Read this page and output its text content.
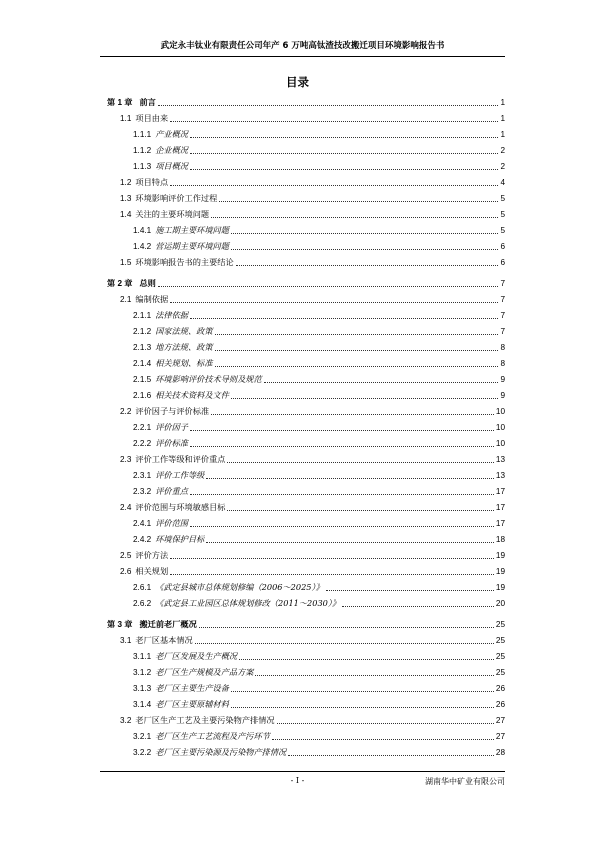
武定永丰钛业有限责任公司年产 6 万吨高钛渣技改搬迁项目环境影响报告书
目录
第 1 章 前言	1
1.1 项目由来	1
1.1.1 产业概况	1
1.1.2 企业概况	2
1.1.3 项目概况	2
1.2 项目特点	4
1.3 环境影响评价工作过程	5
1.4 关注的主要环境问题	5
1.4.1 施工期主要环境问题	5
1.4.2 营运期主要环境问题	6
1.5 环境影响报告书的主要结论	6
第 2 章 总则	7
2.1 编制依据	7
2.1.1 法律依据	7
2.1.2 国家法规、政策	7
2.1.3 地方法规、政策	8
2.1.4 相关规划、标准	8
2.1.5 环境影响评价技术导则及规范	9
2.1.6 相关技术资料及文件	9
2.2 评价因子与评价标准	10
2.2.1 评价因子	10
2.2.2 评价标准	10
2.3 评价工作等级和评价重点	13
2.3.1 评价工作等级	13
2.3.2 评价重点	17
2.4 评价范围与环境敏感目标	17
2.4.1 评价范围	17
2.4.2 环境保护目标	18
2.5 评价方法	19
2.6 相关规划	19
2.6.1 《武定县城市总体规划修编（2006～2025）》	19
2.6.2 《武定县工业园区总体规划修改（2011～2030）》	20
第 3 章 搬迁前老厂概况	25
3.1 老厂区基本情况	25
3.1.1 老厂区发展及生产概况	25
3.1.2 老厂区生产规模及产品方案	25
3.1.3 老厂区主要生产设备	26
3.1.4 老厂区主要原辅材料	26
3.2 老厂区生产工艺及主要污染物产排情况	27
3.2.1 老厂区生产工艺流程及产污环节	27
3.2.2 老厂区主要污染源及污染物产排情况	28
- I -	湖南华中矿业有限公司
